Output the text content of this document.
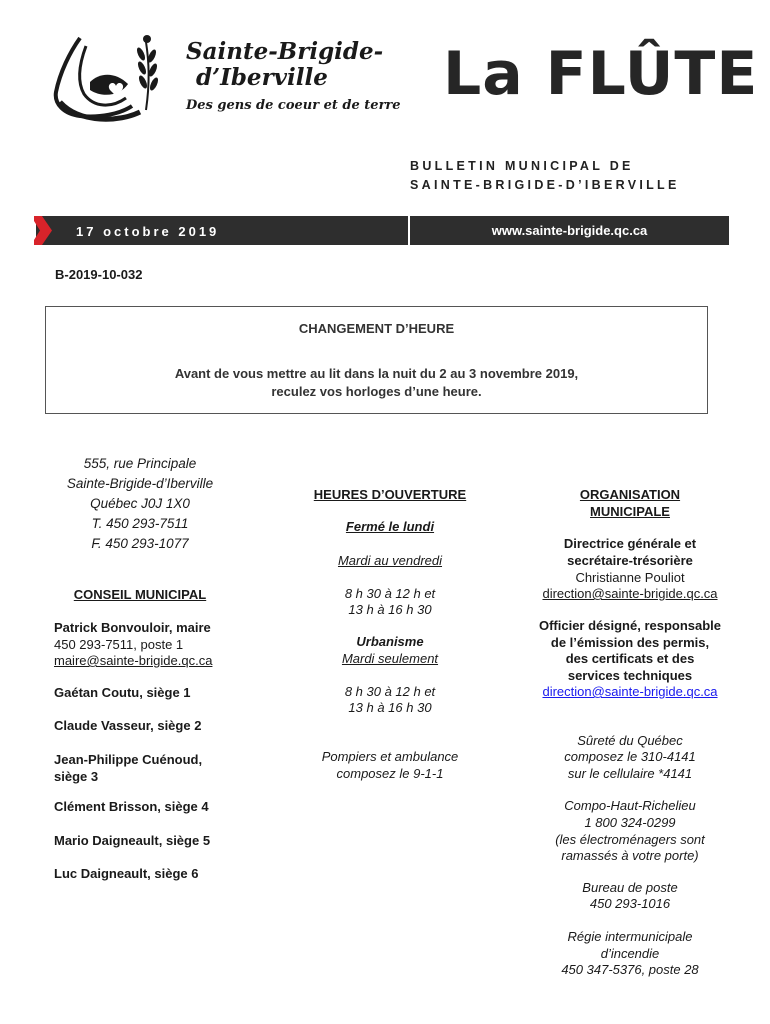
Sainte-Brigide-
d’Iberville
Des gens de coeur et de terre La FLÛTE
BULLETIN MUNICIPAL DE
SAINTE-BRIGIDE-D’IBERVILLE
17 octobre 2019	www.sainte-brigide.qc.ca
B-2019-10-032
CHANGEMENT D’HEURE
Avant de vous mettre au lit dans la nuit du 2 au 3 novembre 2019,
reculez vos horloges d’une heure.
555, rue Principale
Sainte-Brigide-d’Iberville
Québec J0J 1X0
T. 450 293-7511
F. 450 293-1077
CONSEIL MUNICIPAL
Patrick Bonvouloir, maire
450 293-7511, poste 1
maire@sainte-brigide.qc.ca
Gaétan Coutu, siège 1
Claude Vasseur, siège 2
Jean-Philippe Cuénoud,
siège 3
Clément Brisson, siège 4
Mario Daigneault, siège 5
Luc Daigneault, siège 6
HEURES D’OUVERTURE
Fermé le lundi
Mardi au vendredi
8 h 30 à 12 h et
13 h à 16 h 30
Urbanisme
Mardi seulement
8 h 30 à 12 h et
13 h à 16 h 30
Pompiers et ambulance
composez le 9-1-1
ORGANISATION
MUNICIPALE
Directrice générale et
secrétaire-trésorière
Christianne Pouliot
direction@sainte-brigide.qc.ca
Officier désigné, responsable
de l’émission des permis,
des certificats et des
services techniques
direction@sainte-brigide.qc.ca
Sûreté du Québec
composez le 310-4141
sur le cellulaire *4141
Compo-Haut-Richelieu
1 800 324-0299
(les électroménagers sont
ramassés à votre porte)
Bureau de poste
450 293-1016
Régie intermunicipale
d’incendie
450 347-5376, poste 28
